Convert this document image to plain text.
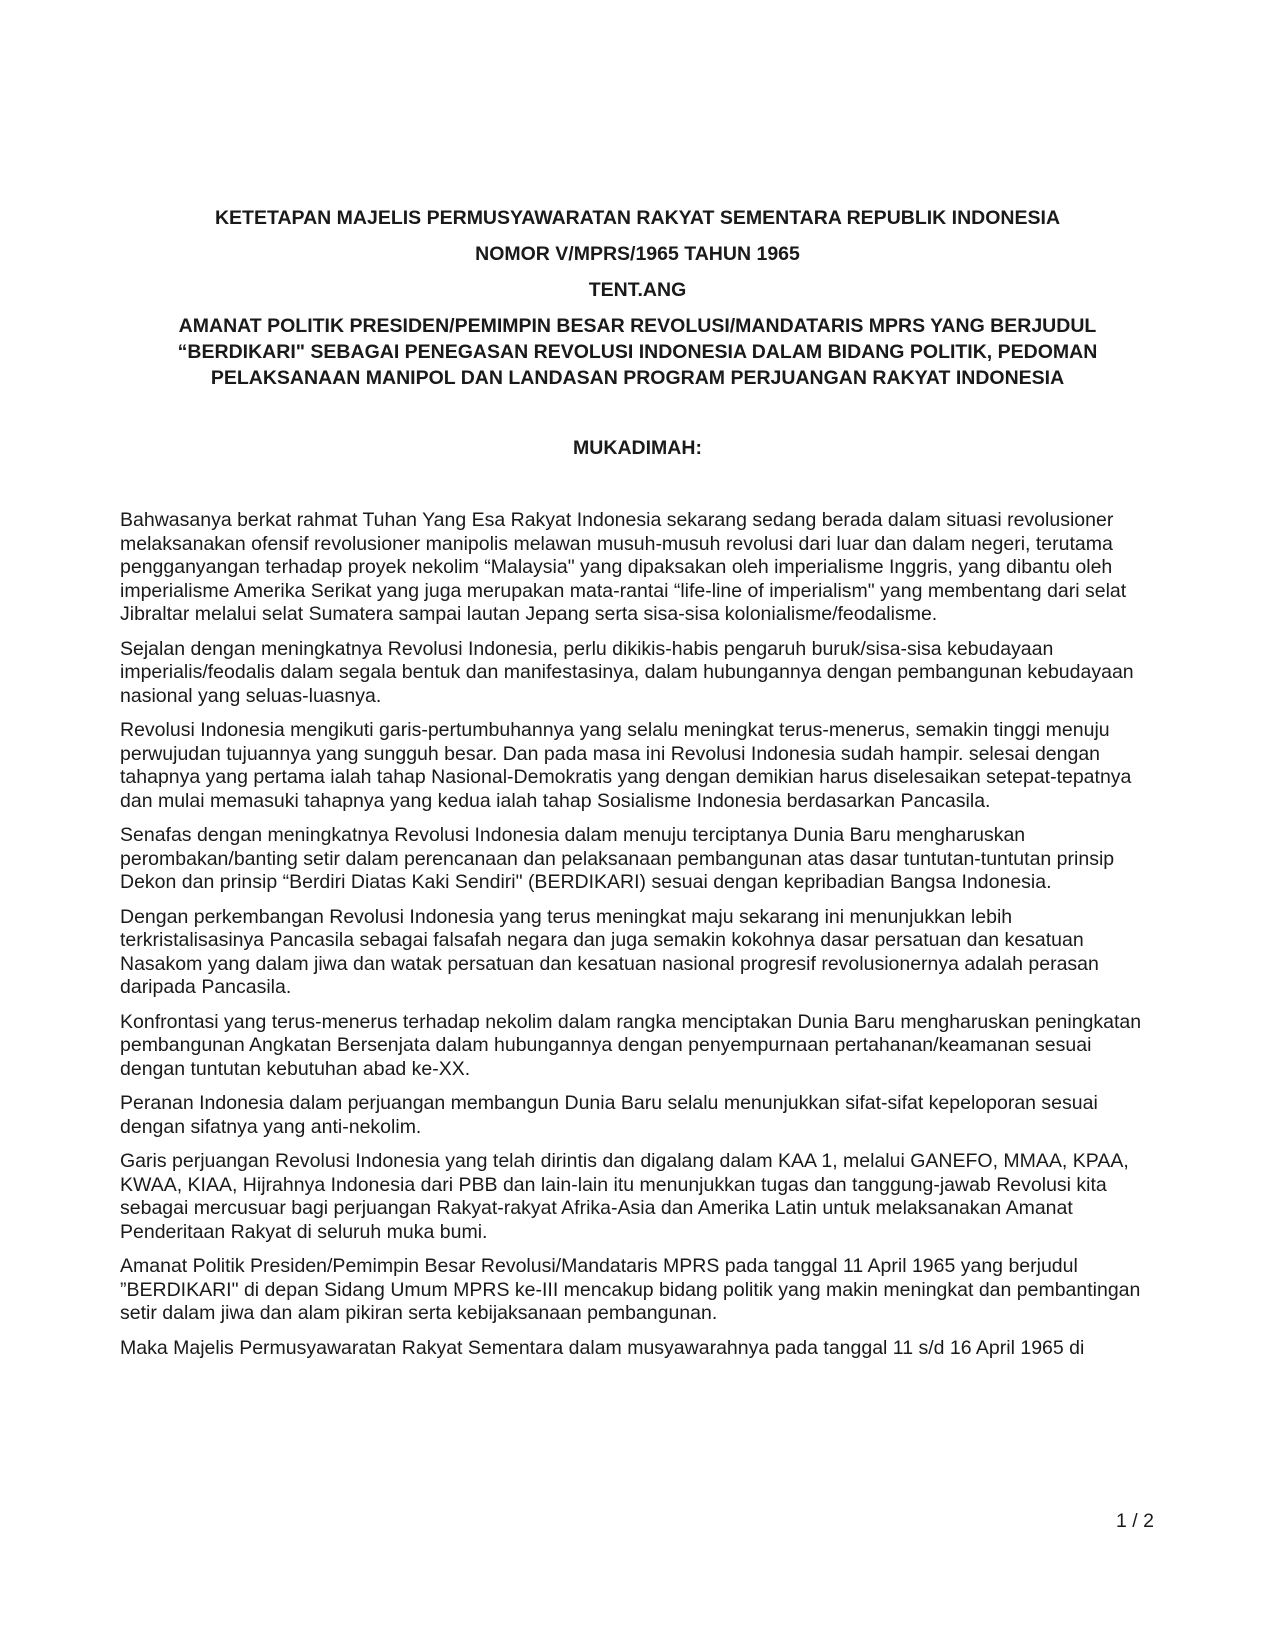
KETETAPAN MAJELIS PERMUSYAWARATAN RAKYAT SEMENTARA REPUBLIK INDONESIA
NOMOR V/MPRS/1965 TAHUN 1965
TENT.ANG
AMANAT POLITIK PRESIDEN/PEMIMPIN BESAR REVOLUSI/MANDATARIS MPRS YANG BERJUDUL “BERDIKARI" SEBAGAI PENEGASAN REVOLUSI INDONESIA DALAM BIDANG POLITIK, PEDOMAN PELAKSANAAN MANIPOL DAN LANDASAN PROGRAM PERJUANGAN RAKYAT INDONESIA
MUKADIMAH:

Bahwasanya berkat rahmat Tuhan Yang Esa Rakyat Indonesia sekarang sedang berada dalam situasi revolusioner melaksanakan ofensif revolusioner manipolis melawan musuh-musuh revolusi dari luar dan dalam negeri, terutama pengganyangan terhadap proyek nekolim “Malaysia" yang dipaksakan oleh imperialisme Inggris, yang dibantu oleh imperialisme Amerika Serikat yang juga merupakan mata-rantai “life-line of imperialism" yang membentang dari selat Jibraltar melalui selat Sumatera sampai lautan Jepang serta sisa-sisa kolonialisme/feodalisme.

Sejalan dengan meningkatnya Revolusi Indonesia, perlu dikikis-habis pengaruh buruk/sisa-sisa kebudayaan imperialis/feodalis dalam segala bentuk dan manifestasinya, dalam hubungannya dengan pembangunan kebudayaan nasional yang seluas-luasnya.

Revolusi Indonesia mengikuti garis-pertumbuhannya yang selalu meningkat terus-menerus, semakin tinggi menuju perwujudan tujuannya yang sungguh besar. Dan pada masa ini Revolusi Indonesia sudah hampir. selesai dengan tahapnya yang pertama ialah tahap Nasional-Demokratis yang dengan demikian harus diselesaikan setepat-tepatnya dan mulai memasuki tahapnya yang kedua ialah tahap Sosialisme Indonesia berdasarkan Pancasila.

Senafas dengan meningkatnya Revolusi Indonesia dalam menuju terciptanya Dunia Baru mengharuskan perombakan/banting setir dalam perencanaan dan pelaksanaan pembangunan atas dasar tuntutan-tuntutan prinsip Dekon dan prinsip “Berdiri Diatas Kaki Sendiri" (BERDIKARI) sesuai dengan kepribadian Bangsa Indonesia.

Dengan perkembangan Revolusi Indonesia yang terus meningkat maju sekarang ini menunjukkan lebih terkristalisasinya Pancasila sebagai falsafah negara dan juga semakin kokohnya dasar persatuan dan kesatuan Nasakom yang dalam jiwa dan watak persatuan dan kesatuan nasional progresif revolusionernya adalah perasan daripada Pancasila.

Konfrontasi yang terus-menerus terhadap nekolim dalam rangka menciptakan Dunia Baru mengharuskan peningkatan pembangunan Angkatan Bersenjata dalam hubungannya dengan penyempurnaan pertahanan/keamanan sesuai dengan tuntutan kebutuhan abad ke-XX.

Peranan Indonesia dalam perjuangan membangun Dunia Baru selalu menunjukkan sifat-sifat kepeloporan sesuai dengan sifatnya yang anti-nekolim.

Garis perjuangan Revolusi Indonesia yang telah dirintis dan digalang dalam KAA 1, melalui GANEFO, MMAA, KPAA, KWAA, KIAA, Hijrahnya Indonesia dari PBB dan lain-lain itu menunjukkan tugas dan tanggung-jawab Revolusi kita sebagai mercusuar bagi perjuangan Rakyat-rakyat Afrika-Asia dan Amerika Latin untuk melaksanakan Amanat Penderitaan Rakyat di seluruh muka bumi.

Amanat Politik Presiden/Pemimpin Besar Revolusi/Mandataris MPRS pada tanggal 11 April 1965 yang berjudul ”BERDIKARI" di depan Sidang Umum MPRS ke-III mencakup bidang politik yang makin meningkat dan pembantingan setir dalam jiwa dan alam pikiran serta kebijaksanaan pembangunan.

Maka Majelis Permusyawaratan Rakyat Sementara dalam musyawarahnya pada tanggal 11 s/d 16 April 1965 di

1 / 2
